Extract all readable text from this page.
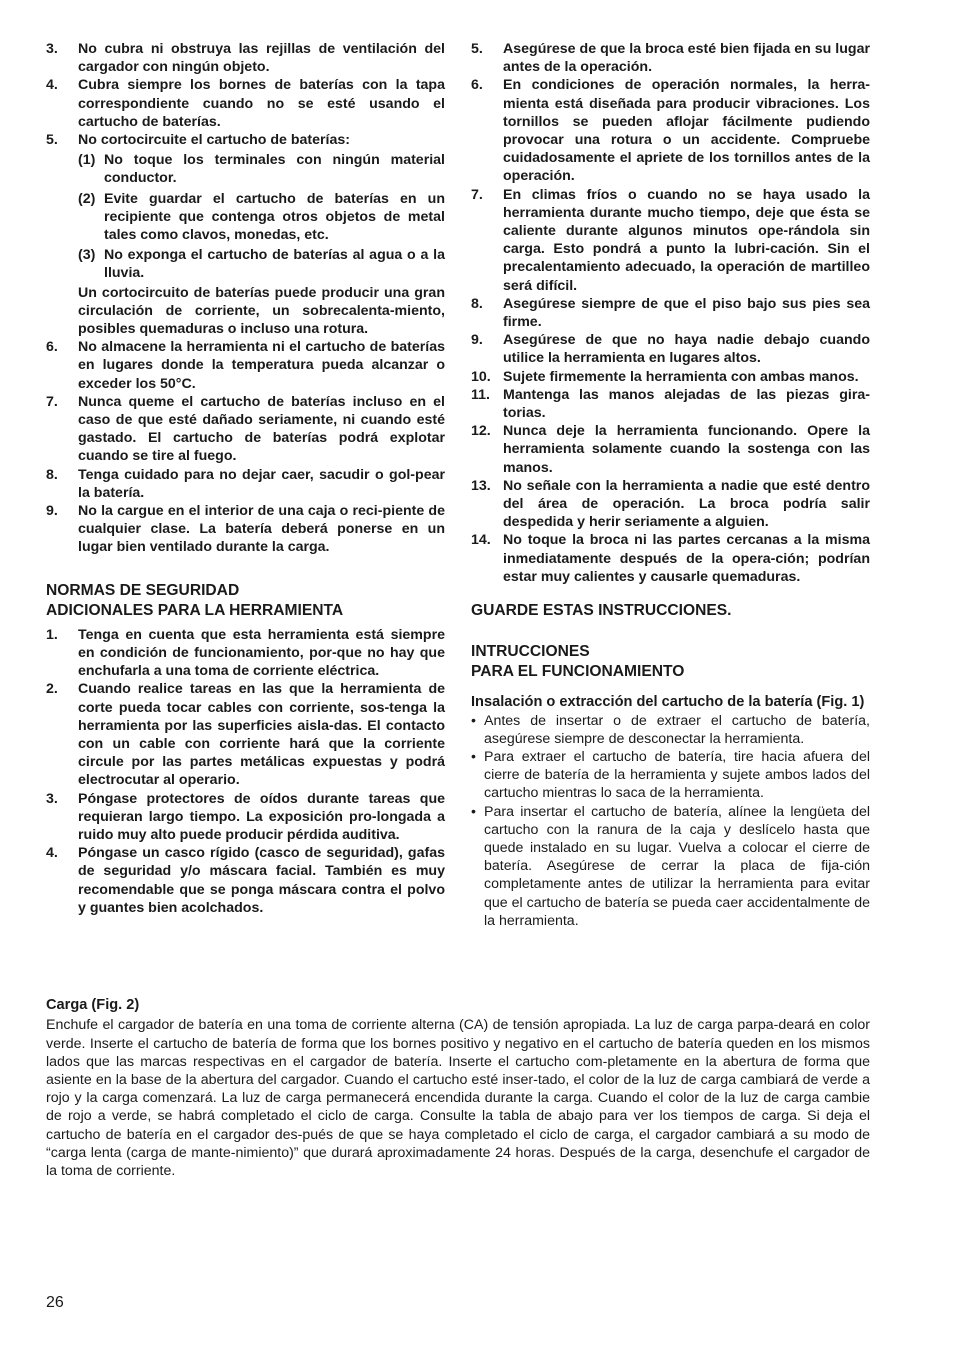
3. No cubra ni obstruya las rejillas de ventilación del cargador con ningún objeto.
4. Cubra siempre los bornes de baterías con la tapa correspondiente cuando no se esté usando el cartucho de baterías.
5. No cortocircuite el cartucho de baterías:
(1) No toque los terminales con ningún material conductor.
(2) Evite guardar el cartucho de baterías en un recipiente que contenga otros objetos de metal tales como clavos, monedas, etc.
(3) No exponga el cartucho de baterías al agua o a la lluvia.
Un cortocircuito de baterías puede producir una gran circulación de corriente, un sobrecalenta-miento, posibles quemaduras o incluso una rotura.
6. No almacene la herramienta ni el cartucho de baterías en lugares donde la temperatura pueda alcanzar o exceder los 50°C.
7. Nunca queme el cartucho de baterías incluso en el caso de que esté dañado seriamente, ni cuando esté gastado. El cartucho de baterías podrá explotar cuando se tire al fuego.
8. Tenga cuidado para no dejar caer, sacudir o gol-pear la batería.
9. No la cargue en el interior de una caja o reci-piente de cualquier clase. La batería deberá ponerse en un lugar bien ventilado durante la carga.
NORMAS DE SEGURIDAD
ADICIONALES PARA LA HERRAMIENTA
1. Tenga en cuenta que esta herramienta está siempre en condición de funcionamiento, por-que no hay que enchufarla a una toma de corriente eléctrica.
2. Cuando realice tareas en las que la herramienta de corte pueda tocar cables con corriente, sos-tenga la herramienta por las superficies aisla-das. El contacto con un cable con corriente hará que la corriente circule por las partes metálicas expuestas y podrá electrocutar al operario.
3. Póngase protectores de oídos durante tareas que requieran largo tiempo. La exposición pro-longada a ruido muy alto puede producir pérdida auditiva.
4. Póngase un casco rígido (casco de seguridad), gafas de seguridad y/o máscara facial. También es muy recomendable que se ponga máscara contra el polvo y guantes bien acolchados.
5. Asegúrese de que la broca esté bien fijada en su lugar antes de la operación.
6. En condiciones de operación normales, la herra-mienta está diseñada para producir vibraciones. Los tornillos se pueden aflojar fácilmente pudiendo provocar una rotura o un accidente. Compruebe cuidadosamente el apriete de los tornillos antes de la operación.
7. En climas fríos o cuando no se haya usado la herramienta durante mucho tiempo, deje que ésta se caliente durante algunos minutos ope-rándola sin carga. Esto pondrá a punto la lubri-cación. Sin el precalentamiento adecuado, la operación de martilleo será difícil.
8. Asegúrese siempre de que el piso bajo sus pies sea firme.
9. Asegúrese de que no haya nadie debajo cuando utilice la herramienta en lugares altos.
10. Sujete firmemente la herramienta con ambas manos.
11. Mantenga las manos alejadas de las piezas gira-torias.
12. Nunca deje la herramienta funcionando. Opere la herramienta solamente cuando la sostenga con las manos.
13. No señale con la herramienta a nadie que esté dentro del área de operación. La broca podría salir despedida y herir seriamente a alguien.
14. No toque la broca ni las partes cercanas a la misma inmediatamente después de la opera-ción; podrían estar muy calientes y causarle quemaduras.
GUARDE ESTAS INSTRUCCIONES.
INTRUCCIONES
PARA EL FUNCIONAMIENTO
Insalación o extracción del cartucho de la batería (Fig. 1)
• Antes de insertar o de extraer el cartucho de batería, asegúrese siempre de desconectar la herramienta.
• Para extraer el cartucho de batería, tire hacia afuera del cierre de batería de la herramienta y sujete ambos lados del cartucho mientras lo saca de la herramienta.
• Para insertar el cartucho de batería, alínee la lengüeta del cartucho con la ranura de la caja y deslícelo hasta que quede instalado en su lugar. Vuelva a colocar el cierre de batería. Asegúrese de cerrar la placa de fija-ción completamente antes de utilizar la herramienta para evitar que el cartucho de batería se pueda caer accidentalmente de la herramienta.
Carga (Fig. 2)

Enchufe el cargador de batería en una toma de corriente alterna (CA) de tensión apropiada. La luz de carga parpa-deará en color verde. Inserte el cartucho de batería de forma que los bornes positivo y negativo en el cartucho de batería queden en los mismos lados que las marcas respectivas en el cargador de batería. Inserte el cartucho com-pletamente en la abertura de forma que asiente en la base de la abertura del cargador. Cuando el cartucho esté inser-tado, el color de la luz de carga cambiará de verde a rojo y la carga comenzará. La luz de carga permanecerá encendida durante la carga. Cuando el color de la luz de carga cambie de rojo a verde, se habrá completado el ciclo de carga. Consulte la tabla de abajo para ver los tiempos de carga. Si deja el cartucho de batería en el cargador des-pués de que se haya completado el ciclo de carga, el cargador cambiará a su modo de “carga lenta (carga de mante-nimiento)” que durará aproximadamente 24 horas. Después de la carga, desenchufe el cargador de la toma de corriente.

26
